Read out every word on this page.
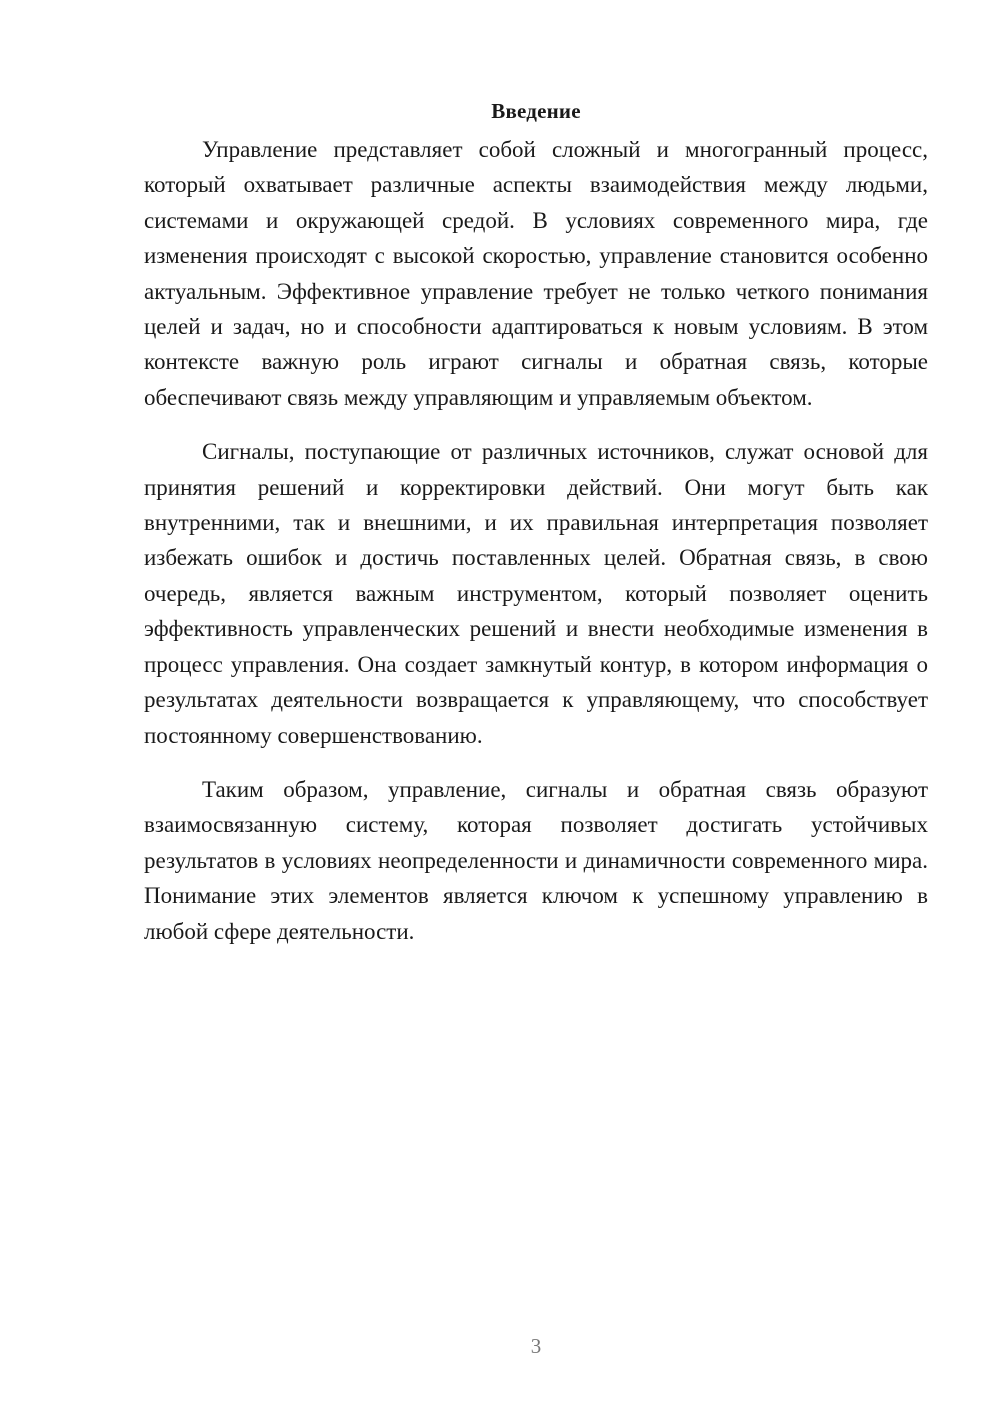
Введение

Управление представляет собой сложный и многогранный процесс, который охватывает различные аспекты взаимодействия между людьми, системами и окружающей средой. В условиях современного мира, где изменения происходят с высокой скоростью, управление становится особенно актуальным. Эффективное управление требует не только четкого понимания целей и задач, но и способности адаптироваться к новым условиям. В этом контексте важную роль играют сигналы и обратная связь, которые обеспечивают связь между управляющим и управляемым объектом.

Сигналы, поступающие от различных источников, служат основой для принятия решений и корректировки действий. Они могут быть как внутренними, так и внешними, и их правильная интерпретация позволяет избежать ошибок и достичь поставленных целей. Обратная связь, в свою очередь, является важным инструментом, который позволяет оценить эффективность управленческих решений и внести необходимые изменения в процесс управления. Она создает замкнутый контур, в котором информация о результатах деятельности возвращается к управляющему, что способствует постоянному совершенствованию.

Таким образом, управление, сигналы и обратная связь образуют взаимосвязанную систему, которая позволяет достигать устойчивых результатов в условиях неопределенности и динамичности современного мира. Понимание этих элементов является ключом к успешному управлению в любой сфере деятельности.

3
